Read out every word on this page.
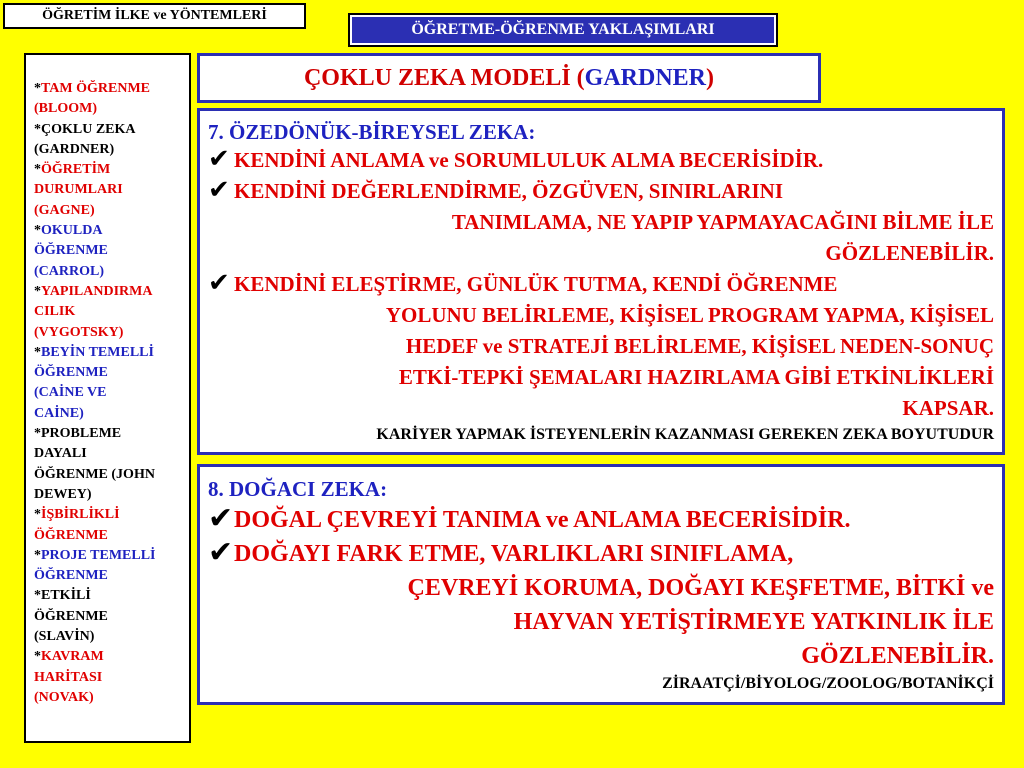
ÖĞRETİM İLKE ve YÖNTEMLERİ
ÖĞRETME-ÖĞRENME YAKLAŞIMLARI
*TAM ÖĞRENME
(BLOOM)
*ÇOKLU ZEKA
(GARDNER)
*ÖĞRETİM
DURUMLARI
(GAGNE)
*OKULDA
ÖĞRENME
(CARROL)
*YAPILANDIRMA
CILIK
(VYGOTSKY)
*BEYİN TEMELLİ
ÖĞRENME
(CAİNE VE
CAİNE)
*PROBLEME
DAYALI
ÖĞRENME (JOHN
DEWEY)
*İŞBİRLİKLİ
ÖĞRENME
*PROJE TEMELLİ
ÖĞRENME
*ETKİLİ
ÖĞRENME
(SLAVİN)
*KAVRAM
HARİTASI
(NOVAK)
ÇOKLU ZEKA MODELİ (GARDNER)
7. ÖZEDÖNÜK-BİREYSEL ZEKA:
✔ KENDİNİ ANLAMA ve SORUMLULUK ALMA BECERİSİDİR.
✔ KENDİNİ DEĞERLENDİRME, ÖZGÜVEN, SINIRLARINI
TANIMLAMA, NE YAPIP YAPMAYACAĞINI BİLME İLE
GÖZLENEBİLİR.
✔ KENDİNİ ELEŞTİRME, GÜNLÜK TUTMA, KENDİ ÖĞRENME
YOLUNU BELİRLEME, KİŞİSEL PROGRAM YAPMA, KİŞİSEL
HEDEF ve STRATEJİ BELİRLEME, KİŞİSEL NEDEN-SONUÇ
ETKİ-TEPKİ ŞEMALARI HAZIRLAMA GİBİ ETKİNLİKLERİ
KAPSAR.
KARİYER YAPMAK İSTEYENLERİN KAZANMASI GEREKEN ZEKA BOYUTUDUR
8. DOĞACI ZEKA:
✔ DOĞAL ÇEVREYİ TANIMA ve ANLAMA BECERİSİDİR.
✔ DOĞAYI FARK ETME, VARLIKLARI SINIFLAMA,
ÇEVREYİ KORUMA, DOĞAYI KEŞFETME, BİTKİ ve
HAYVAN YETİŞTİRMEYE YATKINLIK İLE
GÖZLENEBİLİR.
ZİRAATÇİ/BİYOLOG/ZOOLOG/BOTANİKÇİ
